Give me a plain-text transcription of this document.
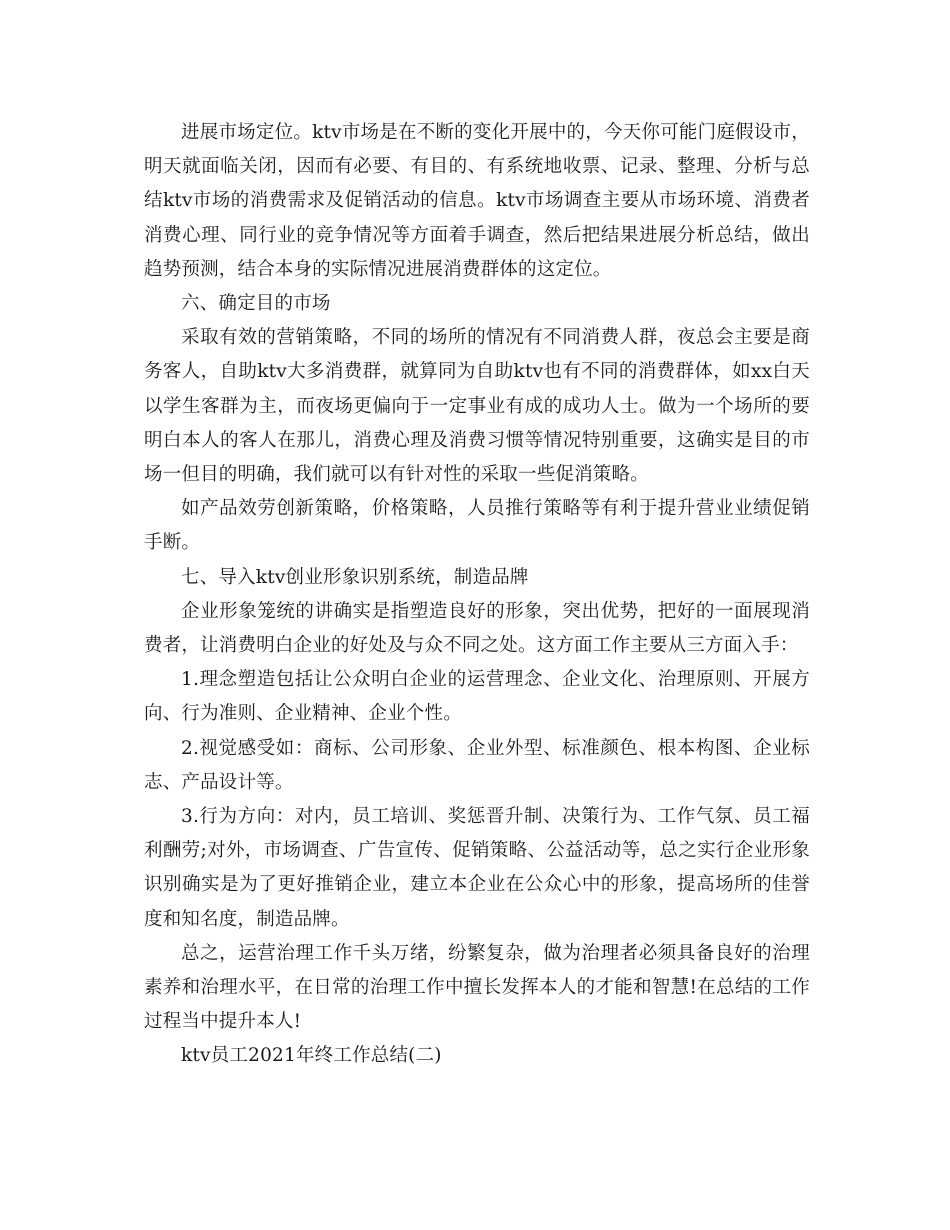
进展市场定位。ktv市场是在不断的变化开展中的，今天你可能门庭假设市，明天就面临关闭，因而有必要、有目的、有系统地收票、记录、整理、分析与总结ktv市场的消费需求及促销活动的信息。ktv市场调查主要从市场环境、消费者消费心理、同行业的竞争情况等方面着手调查，然后把结果进展分析总结，做出趋势预测，结合本身的实际情况进展消费群体的这定位。

六、确定目的市场

采取有效的营销策略，不同的场所的情况有不同消费人群，夜总会主要是商务客人，自助ktv大多消费群，就算同为自助ktv也有不同的消费群体，如xx白天以学生客群为主，而夜场更偏向于一定事业有成的成功人士。做为一个场所的要明白本人的客人在那儿，消费心理及消费习惯等情况特别重要，这确实是目的市场一但目的明确，我们就可以有针对性的采取一些促消策略。

如产品效劳创新策略，价格策略，人员推行策略等有利于提升营业业绩促销手断。

七、导入ktv创业形象识别系统，制造品牌

企业形象笼统的讲确实是指塑造良好的形象，突出优势，把好的一面展现消费者，让消费明白企业的好处及与众不同之处。这方面工作主要从三方面入手：

1.理念塑造包括让公众明白企业的运营理念、企业文化、治理原则、开展方向、行为准则、企业精神、企业个性。

2.视觉感受如：商标、公司形象、企业外型、标准颜色、根本构图、企业标志、产品设计等。

3.行为方向：对内，员工培训、奖惩晋升制、决策行为、工作气氛、员工福利酬劳;对外，市场调查、广告宣传、促销策略、公益活动等，总之实行企业形象识别确实是为了更好推销企业，建立本企业在公众心中的形象，提高场所的佳誉度和知名度，制造品牌。

总之，运营治理工作千头万绪，纷繁复杂，做为治理者必须具备良好的治理素养和治理水平，在日常的治理工作中擅长发挥本人的才能和智慧!在总结的工作过程当中提升本人!

ktv员工2021年终工作总结(二)
